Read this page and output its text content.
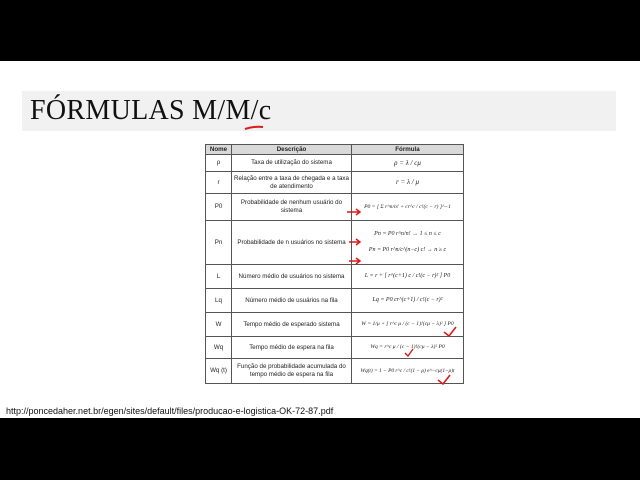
FÓRMULAS M/M/c
Nome	Descrição	Fórmula
ρ	Taxa de utilização do sistema	ρ = λ / cμ

r	Relação entre a taxa de chegada e a taxa de atendimento	r = λ / μ

P0	Probabilidade de nenhum usuário do sistema	P0 = [ Σ r^n/n! + cr^c / c!(c − r) ]^−1

Pn	Probabilidade de n usuários no sistema	Pn = P0 r^n/n! → 1 ≤ n ≤ c
Pn = P0 r^n/c^(n−c) c! → n ≥ c

L	Número médio de usuários no sistema	L = r + [ r^(c+1) c / c!(c − r)² ] P0

Lq	Número médio de usuários na fila	Lq = P0 cr^(c+1) / c!(c − r)²

W	Tempo médio de esperado sistema	W = 1/μ + [ r^c μ / (c − 1)!(cμ − λ)² ] P0

Wq	Tempo médio de espera na fila	Wq = r^c μ / (c − 1)!(cμ − λ)² P0

Wq (t)	Função de probabilidade acumulada do tempo médio de espera na fila	Wq(t) = 1 − P0 r^c / c!(1 − ρ) e^−cμ(1−ρ)t
http://poncedaher.net.br/egen/sites/default/files/producao-e-logistica-OK-72-87.pdf
